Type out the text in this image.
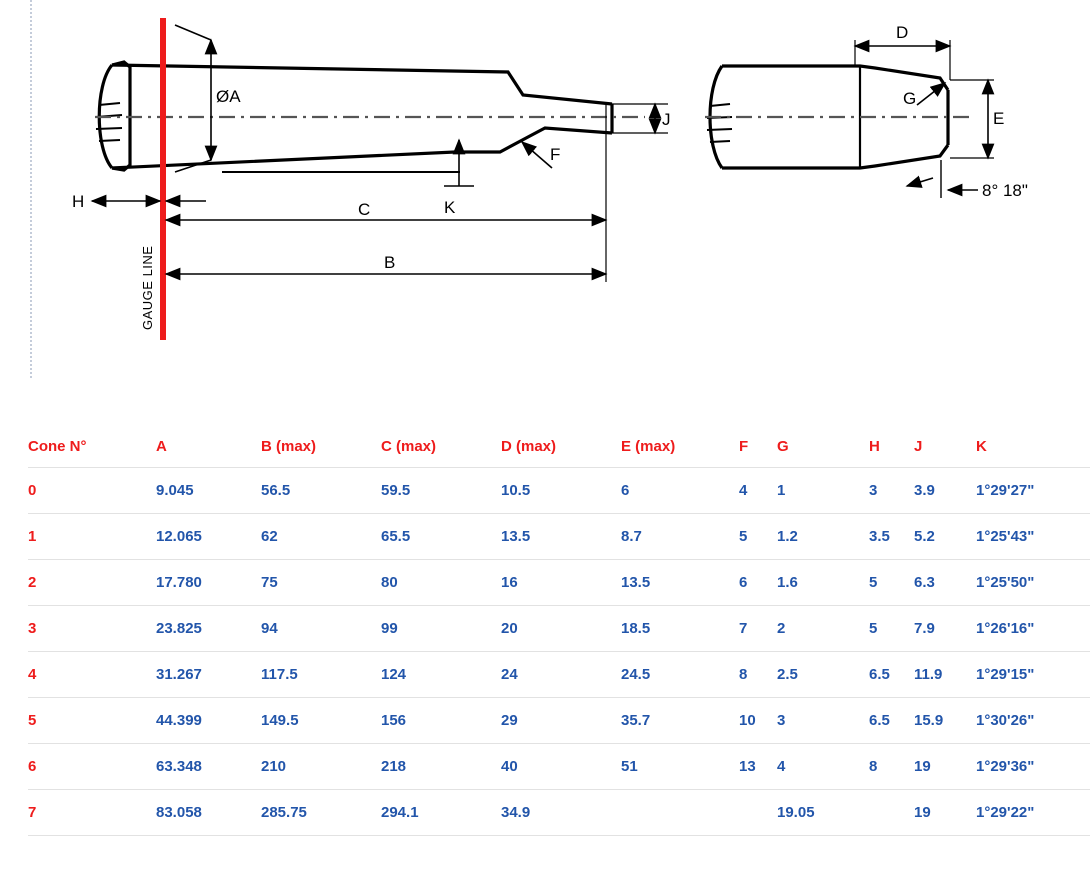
GAUGE LINE
ØA
H	C
B
K
F
J
D
E
G
8° 18"
Cone N°	A	B (max)	C (max)	D (max)	E (max)	F	G	H	J	K
0	9.045	56.5	59.5	10.5	6	4	1	3	3.9	1°29'27"
1	12.065	62	65.5	13.5	8.7	5	1.2	3.5	5.2	1°25'43"
2	17.780	75	80	16	13.5	6	1.6	5	6.3	1°25'50"
3	23.825	94	99	20	18.5	7	2	5	7.9	1°26'16"
4	31.267	117.5	124	24	24.5	8	2.5	6.5	11.9	1°29'15"
5	44.399	149.5	156	29	35.7	10	3	6.5	15.9	1°30'26"
6	63.348	210	218	40	51	13	4	8	19	1°29'36"
7	83.058	285.75	294.1	34.9			19.05		19	1°29'22"
